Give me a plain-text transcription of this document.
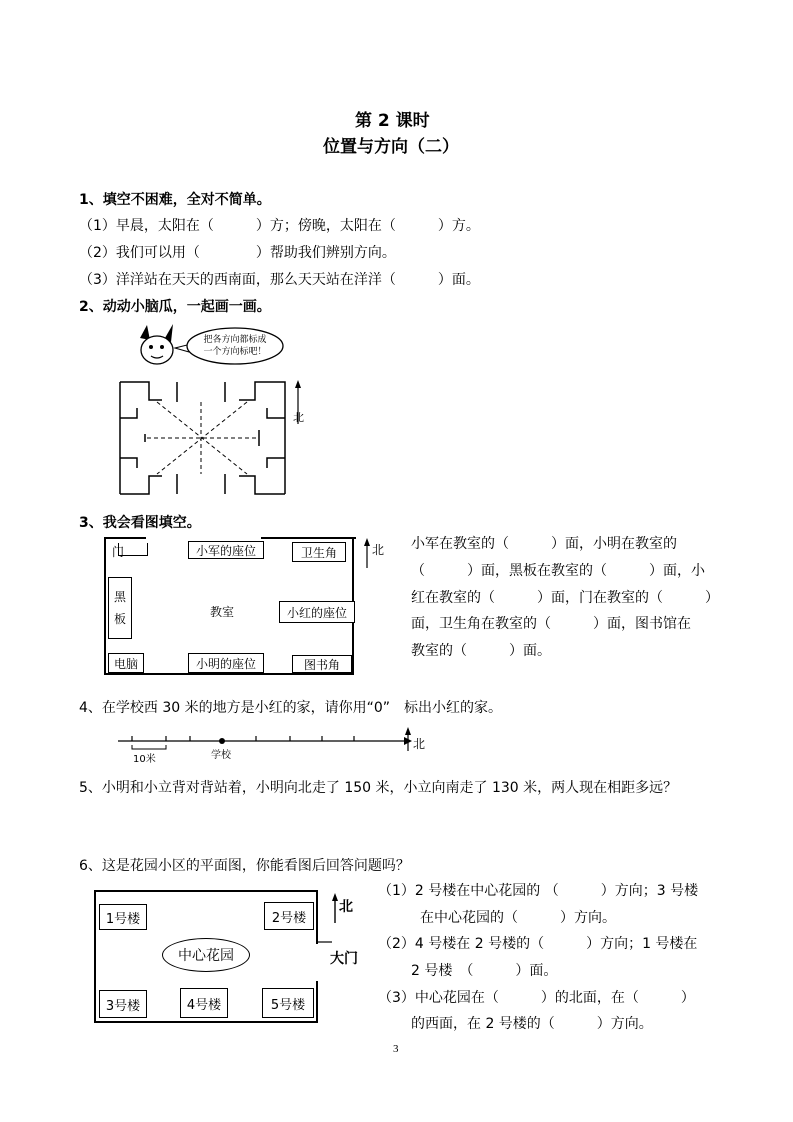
第 2 课时
位置与方向（二）
1、填空不困难，全对不简单。
（1）早晨，太阳在（　　　）方；傍晚，太阳在（　　　）方。
（2）我们可以用（　　　　）帮助我们辨别方向。
（3）洋洋站在天天的西南面，那么天天站在洋洋（　　　）面。
2、动动小脑瓜，一起画一画。
把各方向都标成
一个方向标吧！
北
3、我会看图填空。
门	小军的座位	卫生角
黑
板	教室	小红的座位
电脑	小明的座位	图书角
北 小军在教室的（　　　）面，小明在教室的
（　　　）面，黑板在教室的（　　　）面，小
红在教室的（　　　）面，门在教室的（　　　）
面，卫生角在教室的（　　　）面，图书馆在
教室的（　　　）面。
4、在学校西 30 米的地方是小红的家，请你用“0”　标出小红的家。
10米	学校
北
5、小明和小立背对背站着，小明向北走了 150 米，小立向南走了 130 米，两人现在相距多远？
6、这是花园小区的平面图，你能看图后回答问题吗？
1号楼	2号楼
3号楼	4号楼	5号楼
中心花园	大门
北
（1）2 号楼在中心花园的 （　　　）方向；3 号楼
在中心花园的（　　　）方向。
（2）4 号楼在 2 号楼的（　　　）方向；1 号楼在
2 号楼　（　　　）面。
（3）中心花园在（　　　）的北面，在（　　　）
的西面，在 2 号楼的（　　　）方向。
3
